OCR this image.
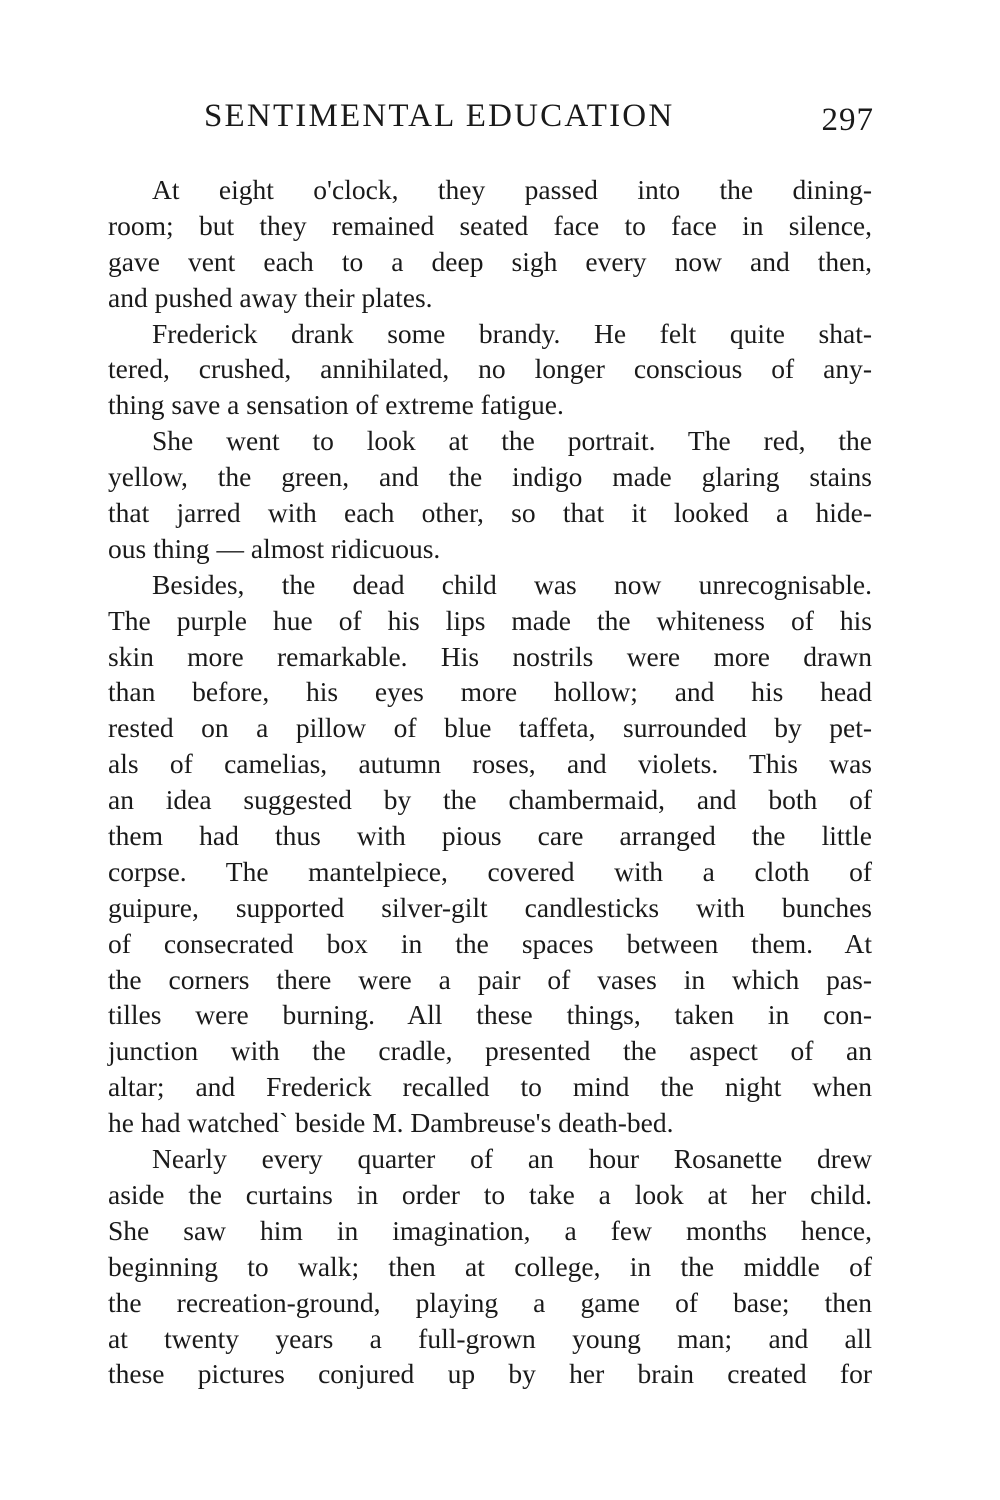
SENTIMENTAL EDUCATION	297
At eight o'clock, they passed into the dining-
room; but they remained seated face to face in silence,
gave vent each to a deep sigh every now and then,
and pushed away their plates.
Frederick drank some brandy. He felt quite shat-
tered, crushed, annihilated, no longer conscious of any-
thing save a sensation of extreme fatigue.
She went to look at the portrait. The red, the
yellow, the green, and the indigo made glaring stains
that jarred with each other, so that it looked a hide-
ous thing — almost ridicuous.
Besides, the dead child was now unrecognisable.
The purple hue of his lips made the whiteness of his
skin more remarkable. His nostrils were more drawn
than before, his eyes more hollow; and his head
rested on a pillow of blue taffeta, surrounded by pet-
als of camelias, autumn roses, and violets. This was
an idea suggested by the chambermaid, and both of
them had thus with pious care arranged the little
corpse. The mantelpiece, covered with a cloth of
guipure, supported silver-gilt candlesticks with bunches
of consecrated box in the spaces between them. At
the corners there were a pair of vases in which pas-
tilles were burning. All these things, taken in con-
junction with the cradle, presented the aspect of an
altar; and Frederick recalled to mind the night when
he had watched` beside M. Dambreuse's death-bed.
Nearly every quarter of an hour Rosanette drew
aside the curtains in order to take a look at her child.
She saw him in imagination, a few months hence,
beginning to walk; then at college, in the middle of
the recreation-ground, playing a game of base; then
at twenty years a full-grown young man; and all
these pictures conjured up by her brain created for
